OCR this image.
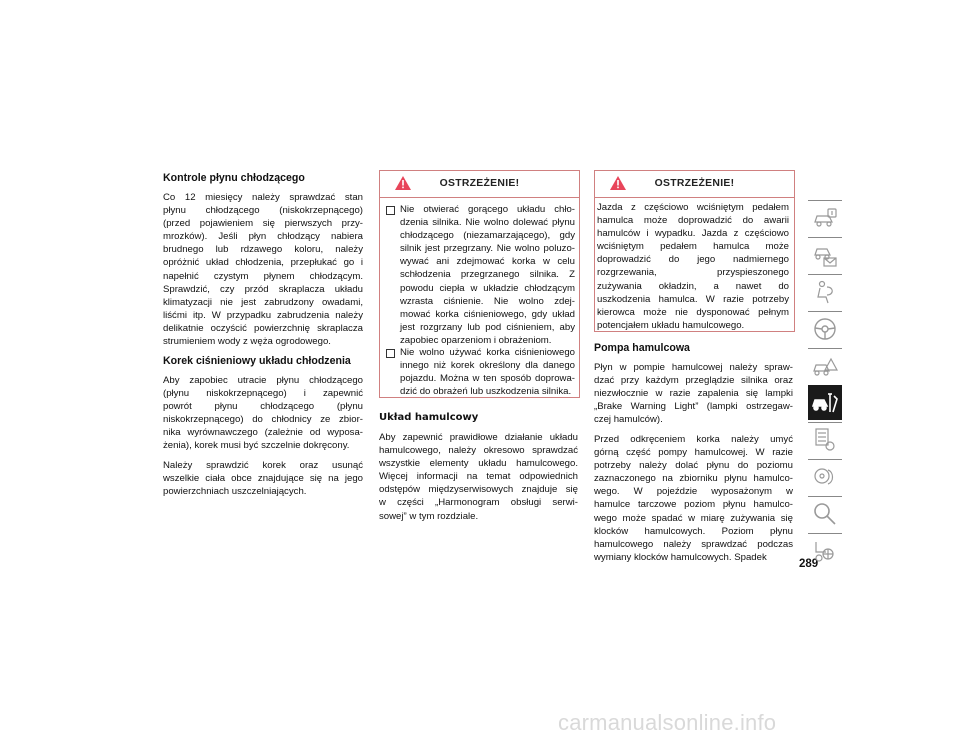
Kontrole płynu chłodzącego
Co 12 miesięcy należy sprawdzać stan
płynu chłodzącego (niskokrzepnącego)
(przed pojawieniem się pierwszych przy-
mrozków). Jeśli płyn chłodzący nabiera
brudnego lub rdzawego koloru, należy
opróżnić układ chłodzenia, przepłukać go i
napełnić czystym płynem chłodzącym.
Sprawdzić, czy przód skraplacza układu
klimatyzacji nie jest zabrudzony owadami,
liśćmi itp. W przypadku zabrudzenia należy
delikatnie oczyścić powierzchnię skraplacza
strumieniem wody z węża ogrodowego.
Korek ciśnieniowy układu chłodzenia
Aby zapobiec utracie płynu chłodzącego
(płynu niskokrzepnącego) i zapewnić
powrót płynu chłodzącego (płynu
niskokrzepnącego) do chłodnicy ze zbior-
nika wyrównawczego (zależnie od wyposa-
żenia), korek musi być szczelnie dokręcony.
Należy sprawdzić korek oraz usunąć
wszelkie ciała obce znajdujące się na jego
powierzchniach uszczelniających.
OSTRZEŻENIE!
Nie otwierać gorącego układu chło-
dzenia silnika. Nie wolno dolewać płynu
chłodzącego (niezamarzającego), gdy
silnik jest przegrzany. Nie wolno poluzo-
wywać ani zdejmować korka w celu
schłodzenia przegrzanego silnika. Z
powodu ciepła w układzie chłodzącym
wzrasta ciśnienie. Nie wolno zdej-
mować korka ciśnieniowego, gdy układ
jest rozgrzany lub pod ciśnieniem, aby
zapobiec oparzeniom i obrażeniom.
Nie wolno używać korka ciśnieniowego
innego niż korek określony dla danego
pojazdu. Można w ten sposób doprowa-
dzić do obrażeń lub uszkodzenia silnika.
Układ hamulcowy
Aby zapewnić prawidłowe działanie układu
hamulcowego, należy okresowo sprawdzać
wszystkie elementy układu hamulcowego.
Więcej informacji na temat odpowiednich
odstępów międzyserwisowych znajduje się
w części „Harmonogram obsługi serwi-
sowej” w tym rozdziale.
OSTRZEŻENIE!
Jazda z częściowo wciśniętym pedałem
hamulca może doprowadzić do awarii
hamulców i wypadku. Jazda z częściowo
wciśniętym pedałem hamulca może
doprowadzić do jego nadmiernego
rozgrzewania, przyspieszonego
zużywania okładzin, a nawet do
uszkodzenia hamulca. W razie potrzeby
kierowca może nie dysponować pełnym
potencjałem układu hamulcowego.
Pompa hamulcowa
Płyn w pompie hamulcowej należy spraw-
dzać przy każdym przeglądzie silnika oraz
niezwłocznie w razie zapalenia się lampki
„Brake Warning Light” (lampki ostrzegaw-
czej hamulców).
Przed odkręceniem korka należy umyć
górną część pompy hamulcowej. W razie
potrzeby należy dolać płynu do poziomu
zaznaczonego na zbiorniku płynu hamulco-
wego. W pojeździe wyposażonym w
hamulce tarczowe poziom płynu hamulco-
wego może spadać w miarę zużywania się
klocków hamulcowych. Poziom płynu
hamulcowego należy sprawdzać podczas
wymiany klocków hamulcowych. Spadek
289
carmanualsonline.info
